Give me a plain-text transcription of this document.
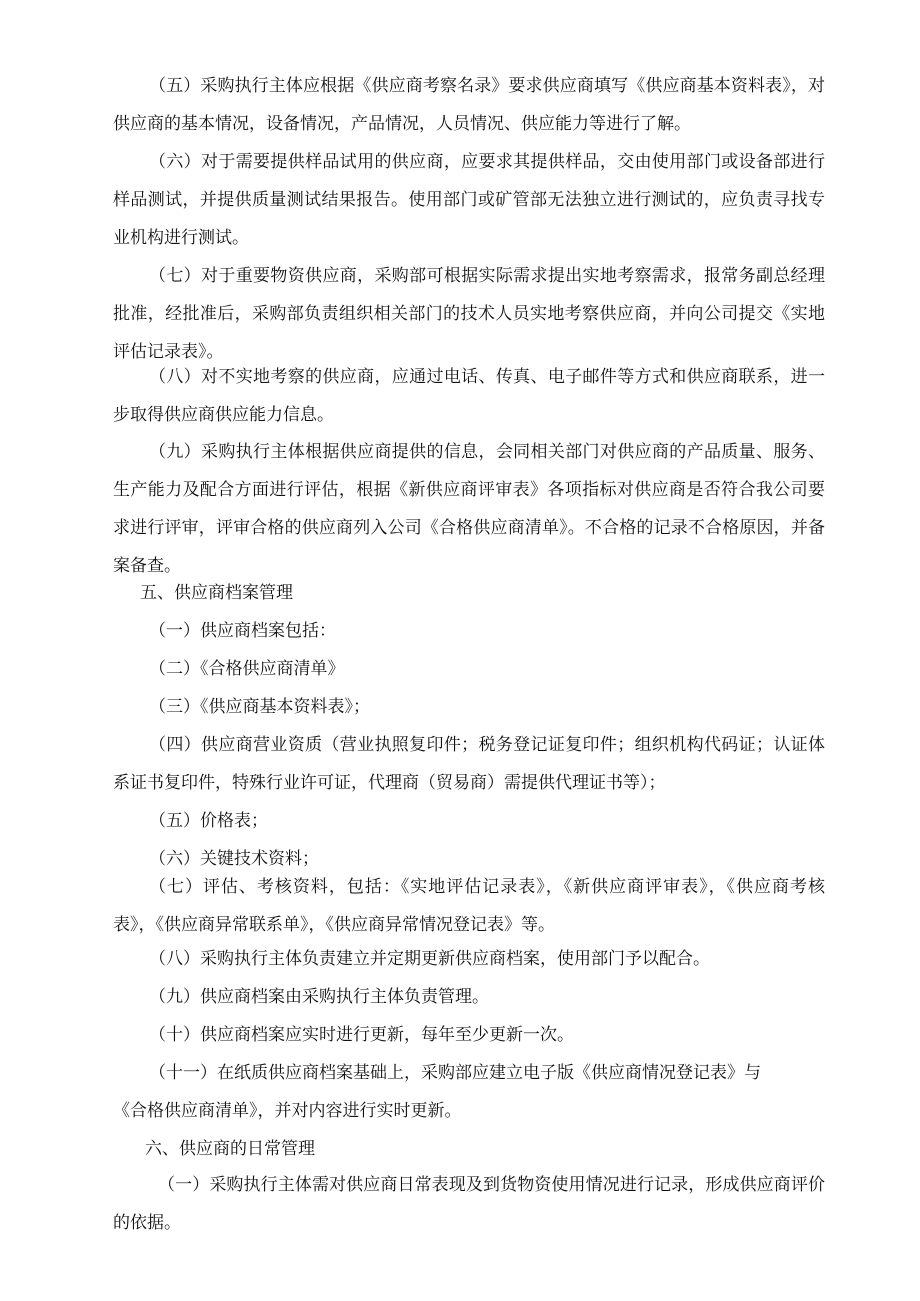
（五）采购执行主体应根据《供应商考察名录》要求供应商填写《供应商基本资料表》，对供应商的基本情况，设备情况，产品情况，人员情况、供应能力等进行了解。

（六）对于需要提供样品试用的供应商，应要求其提供样品，交由使用部门或设备部进行样品测试，并提供质量测试结果报告。使用部门或矿管部无法独立进行测试的，应负责寻找专业机构进行测试。

（七）对于重要物资供应商，采购部可根据实际需求提出实地考察需求，报常务副总经理批准，经批准后，采购部负责组织相关部门的技术人员实地考察供应商，并向公司提交《实地评估记录表》。

（八）对不实地考察的供应商，应通过电话、传真、电子邮件等方式和供应商联系，进一步取得供应商供应能力信息。

（九）采购执行主体根据供应商提供的信息，会同相关部门对供应商的产品质量、服务、生产能力及配合方面进行评估，根据《新供应商评审表》各项指标对供应商是否符合我公司要求进行评审，评审合格的供应商列入公司《合格供应商清单》。不合格的记录不合格原因，并备案备查。

五、供应商档案管理

（一）供应商档案包括：

（二）《合格供应商清单》

（三）《供应商基本资料表》；

（四）供应商营业资质（营业执照复印件；税务登记证复印件；组织机构代码证；认证体系证书复印件，特殊行业许可证，代理商（贸易商）需提供代理证书等）；

（五）价格表；

（六）关键技术资料；

（七）评估、考核资料，包括：《实地评估记录表》，《新供应商评审表》，《供应商考核表》，《供应商异常联系单》，《供应商异常情况登记表》等。

（八）采购执行主体负责建立并定期更新供应商档案，使用部门予以配合。

（九）供应商档案由采购执行主体负责管理。

（十）供应商档案应实时进行更新，每年至少更新一次。

（十一）在纸质供应商档案基础上，采购部应建立电子版《供应商情况登记表》与

《合格供应商清单》，并对内容进行实时更新。

六、供应商的日常管理

（一）采购执行主体需对供应商日常表现及到货物资使用情况进行记录，形成供应商评价的依据。
